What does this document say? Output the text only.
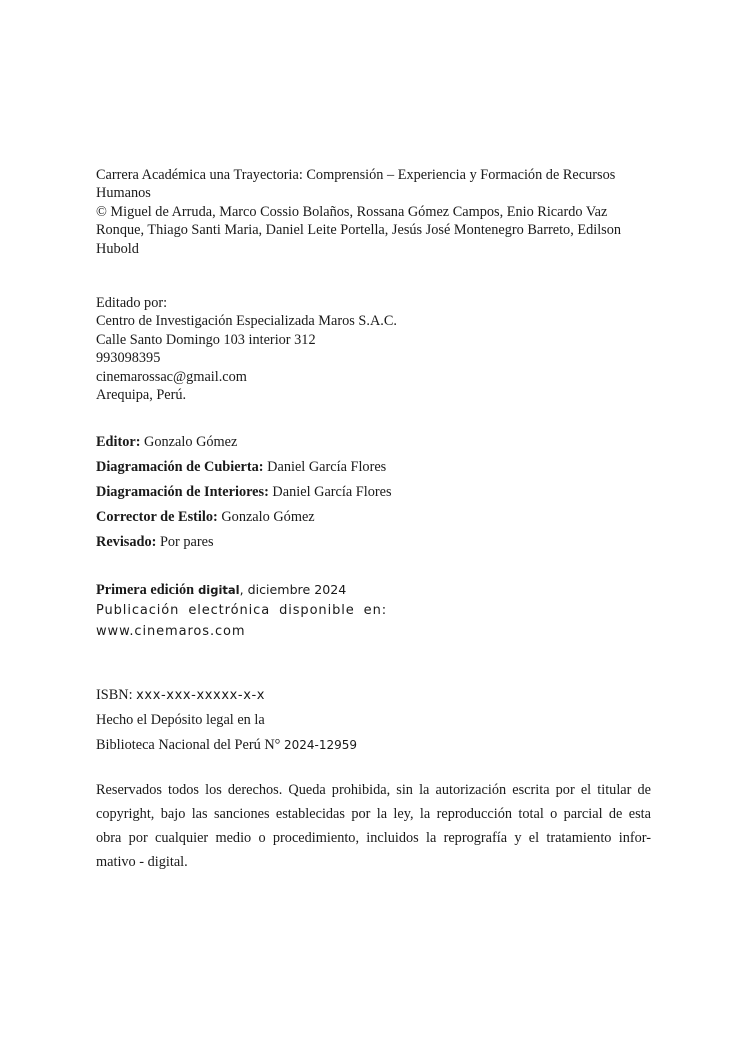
Carrera Académica una Trayectoria: Comprensión – Experiencia y Formación de Recursos
Humanos
© Miguel de Arruda, Marco Cossio Bolaños, Rossana Gómez Campos, Enio Ricardo Vaz
Ronque, Thiago Santi Maria, Daniel Leite Portella, Jesús José Montenegro Barreto, Edilson
Hubold
Editado por:
Centro de Investigación Especializada Maros S.A.C.
Calle Santo Domingo 103 interior 312
993098395
cinemarossac@gmail.com
Arequipa, Perú.
Editor: Gonzalo Gómez
Diagramación de Cubierta: Daniel García Flores
Diagramación de Interiores: Daniel García Flores
Corrector de Estilo: Gonzalo Gómez
Revisado: Por pares
Primera edición digital, diciembre 2024
Publicación electrónica disponible en:
www.cinemaros.com
ISBN: xxx-xxx-xxxxx-x-x
Hecho el Depósito legal en la
Biblioteca Nacional del Perú N° 2024-12959
Reservados todos los derechos. Queda prohibida, sin la autorización escrita por el titular de
copyright, bajo las sanciones establecidas por la ley, la reproducción total o parcial de esta
obra por cualquier medio o procedimiento, incluidos la reprografía y el tratamiento infor-
mativo - digital.
